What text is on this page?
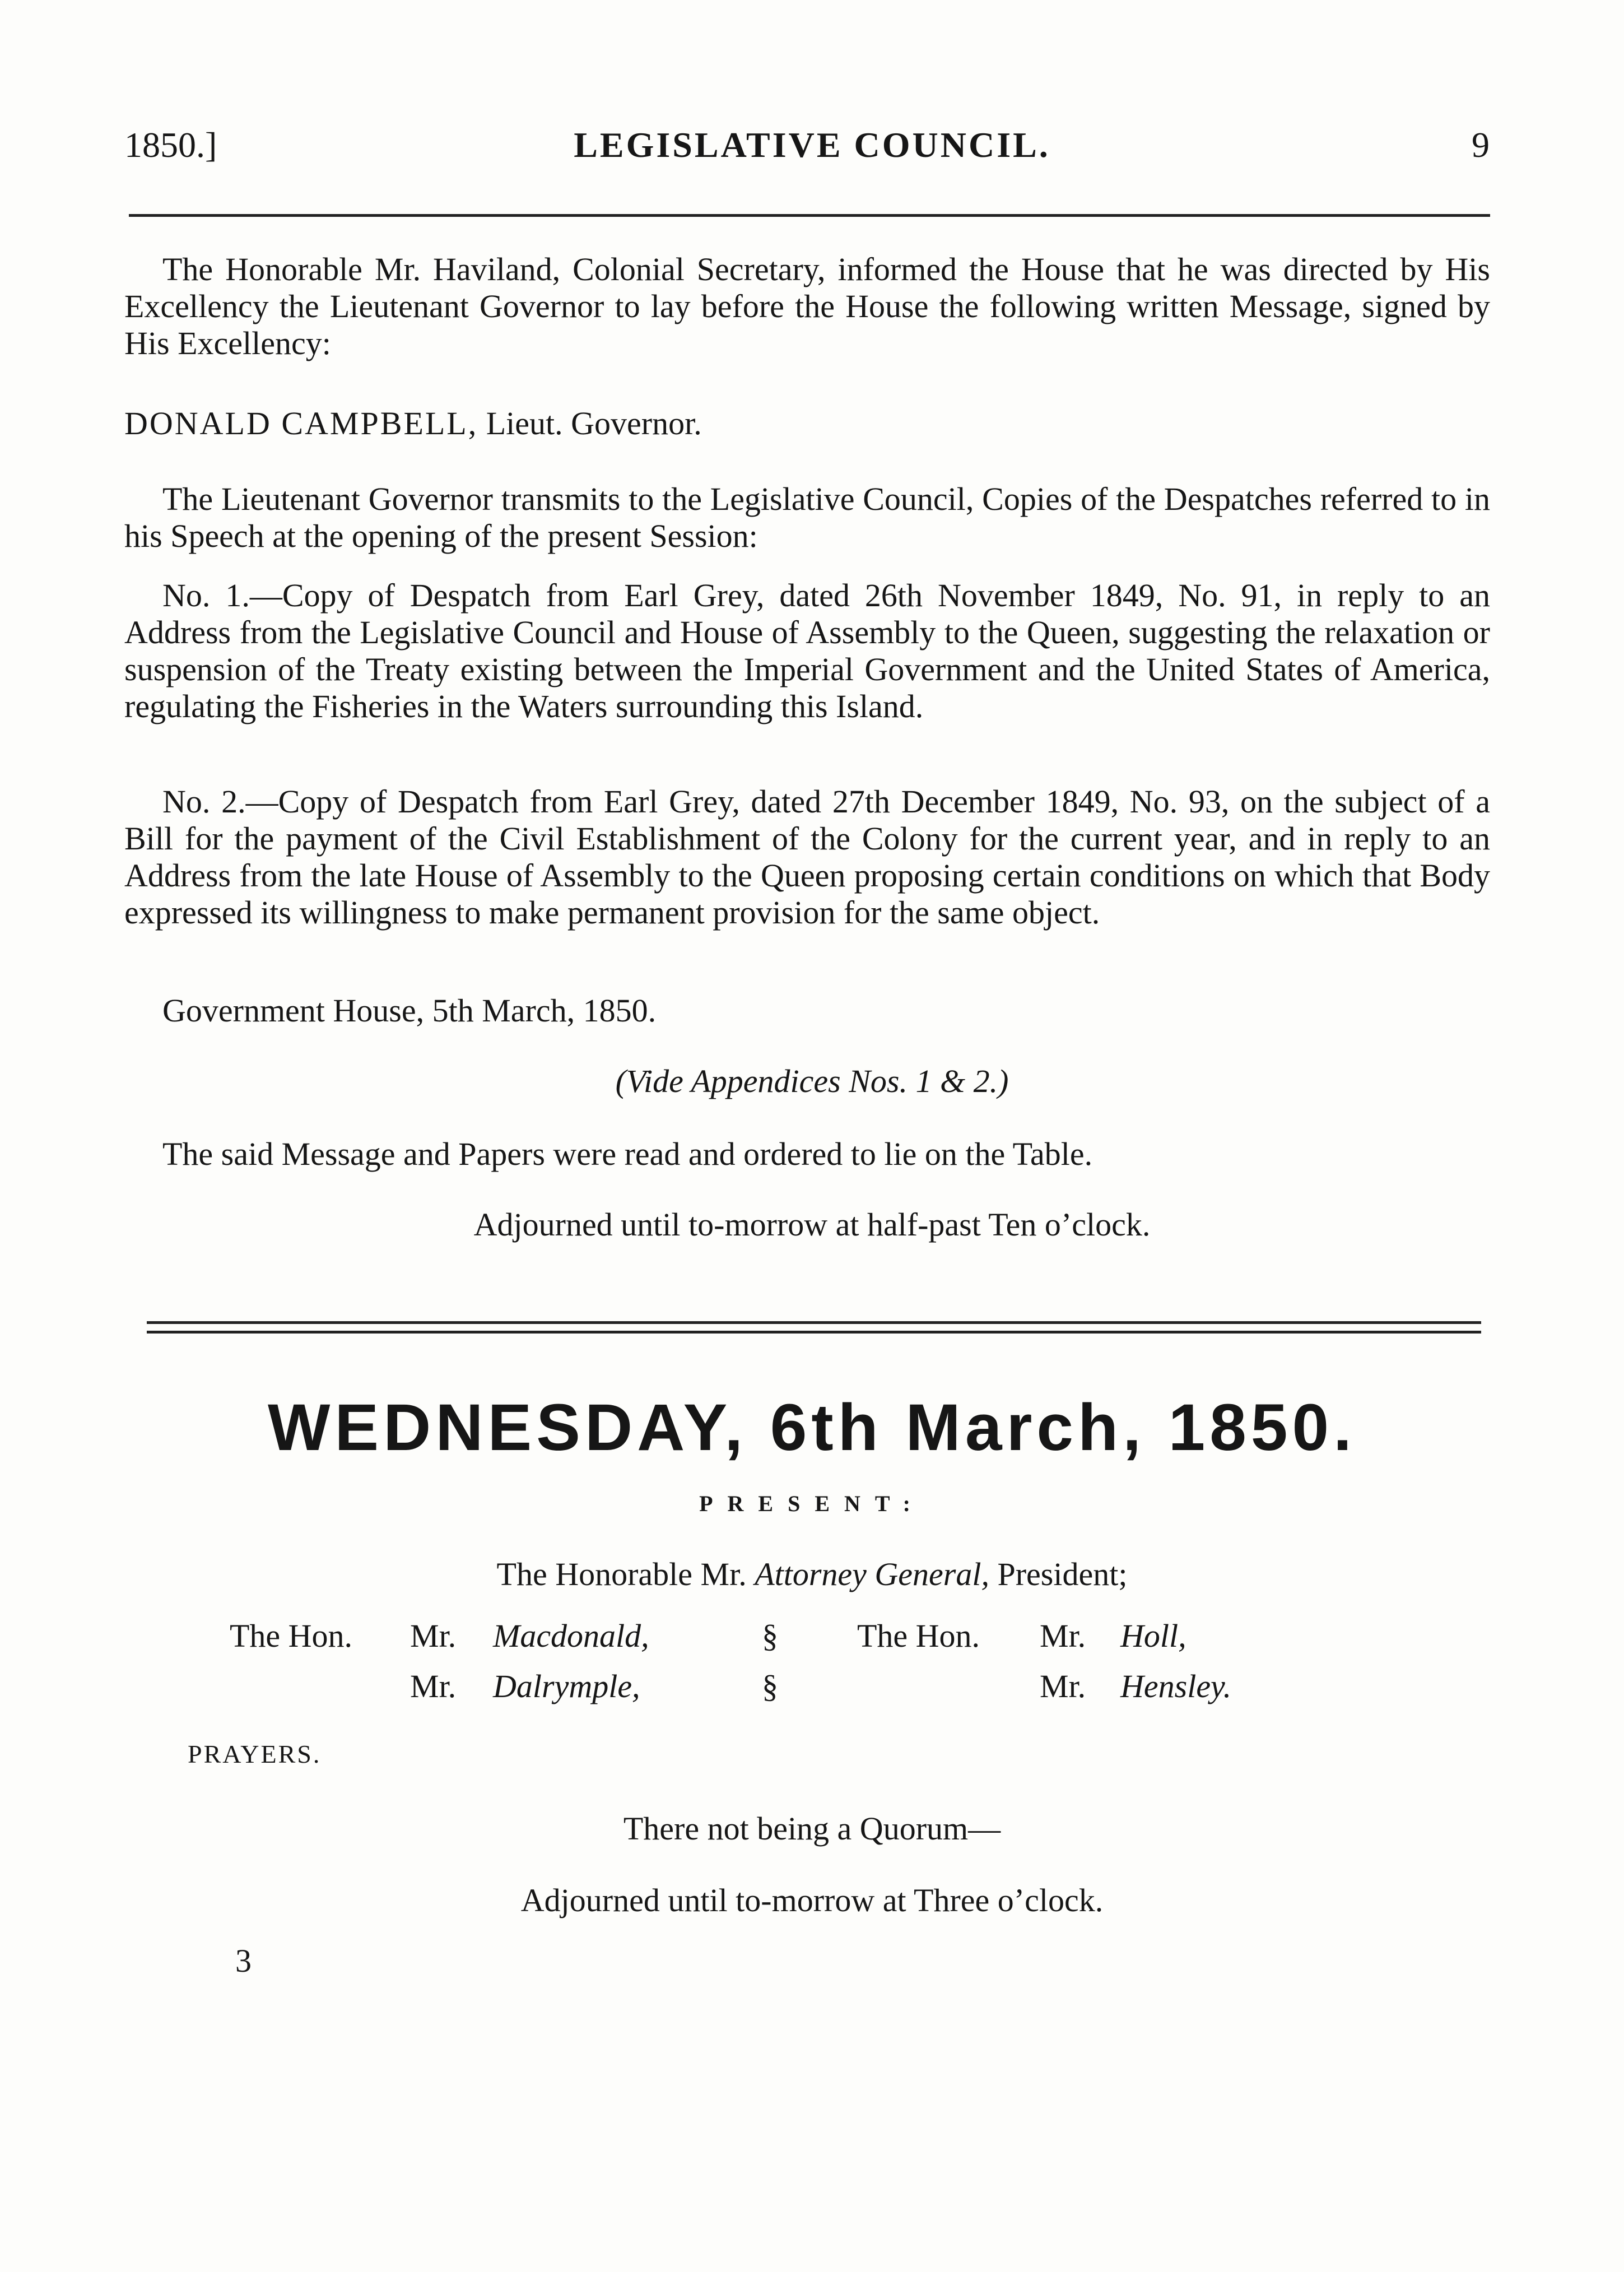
1850.]	LEGISLATIVE COUNCIL.	9

The Honorable Mr. Haviland, Colonial Secretary, informed the House that he was directed by His Excellency the Lieutenant Governor to lay before the House the following written Message, signed by His Excellency:

DONALD CAMPBELL, Lieut. Governor.

The Lieutenant Governor transmits to the Legislative Council, Copies of the Despatches referred to in his Speech at the opening of the present Session:

No. 1.—Copy of Despatch from Earl Grey, dated 26th November 1849, No. 91, in reply to an Address from the Legislative Council and House of Assembly to the Queen, suggesting the relaxation or suspension of the Treaty existing between the Imperial Government and the United States of America, regulating the Fisheries in the Waters surrounding this Island.

No. 2.—Copy of Despatch from Earl Grey, dated 27th December 1849, No. 93, on the subject of a Bill for the payment of the Civil Establishment of the Colony for the current year, and in reply to an Address from the late House of Assembly to the Queen proposing certain conditions on which that Body expressed its willingness to make permanent provision for the same object.

Government House, 5th March, 1850.
(Vide Appendices Nos. 1 & 2.)
The said Message and Papers were read and ordered to lie on the Table.
Adjourned until to-morrow at half-past Ten o’clock.
WEDNESDAY, 6th March, 1850.
PRESENT:
The Honorable Mr. Attorney General, President;
The Hon. Mr. Macdonald,
Mr. Dalrymple,
§
§
The Hon. Mr. Holl,
Mr. Hensley.
PRAYERS.
There not being a Quorum—
Adjourned until to-morrow at Three o’clock.
3
